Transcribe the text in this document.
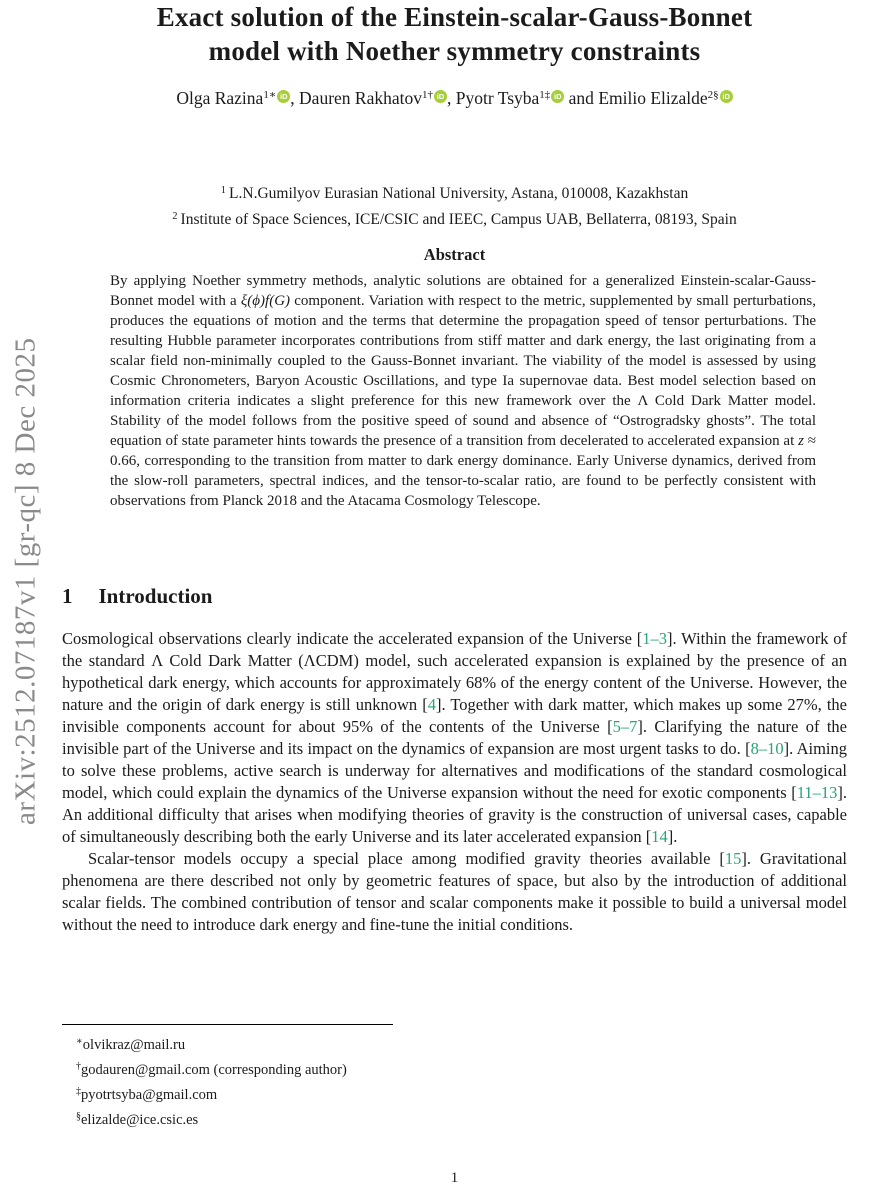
arXiv:2512.07187v1 [gr-qc] 8 Dec 2025
Exact solution of the Einstein-scalar-Gauss-Bonnet
model with Noether symmetry constraints
Olga Razina$^{1∗}$ iD , Dauren Rakhatov$^{1\dagger}$ iD , Pyotr Tsyba$^{1\ddagger}$ iD and Emilio Elizalde$^{2\S}$ iD
$^1$ L.N.Gumilyov Eurasian National University, Astana, 010008, Kazakhstan
$^2$ Institute of Space Sciences, ICE/CSIC and IEEC, Campus UAB, Bellaterra, 08193, Spain
Abstract
By applying Noether symmetry methods, analytic solutions are obtained for a generalized Einstein-scalar-Gauss-Bonnet model with a ξ(ϕ)f(G) component. Variation with respect to the metric, supplemented by small perturbations, produces the equations of motion and the terms that determine the propagation speed of tensor perturbations. The resulting Hubble parameter incorporates contributions from stiff matter and dark energy, the last originating from a scalar field non-minimally coupled to the Gauss-Bonnet invariant. The viability of the model is assessed by using Cosmic Chronometers, Baryon Acoustic Oscillations, and type Ia supernovae data. Best model selection based on information criteria indicates a slight preference for this new framework over the Λ Cold Dark Matter model. Stability of the model follows from the positive speed of sound and absence of “Ostrogradsky ghosts”. The total equation of state parameter hints towards the presence of a transition from decelerated to accelerated expansion at z ≈ 0.66, corresponding to the transition from matter to dark energy dominance. Early Universe dynamics, derived from the slow-roll parameters, spectral indices, and the tensor-to-scalar ratio, are found to be perfectly consistent with observations from Planck 2018 and the Atacama Cosmology Telescope.
1 Introduction

Cosmological observations clearly indicate the accelerated expansion of the Universe [1–3]. Within the framework of the standard Λ Cold Dark Matter (ΛCDM) model, such accelerated expansion is explained by the presence of an hypothetical dark energy, which accounts for approximately 68% of the energy content of the Universe. However, the nature and the origin of dark energy is still unknown [4]. Together with dark matter, which makes up some 27%, the invisible components account for about 95% of the contents of the Universe [5–7]. Clarifying the nature of the invisible part of the Universe and its impact on the dynamics of expansion are most urgent tasks to do. [8–10]. Aiming to solve these problems, active search is underway for alternatives and modifications of the standard cosmological model, which could explain the dynamics of the Universe expansion without the need for exotic components [11–13]. An additional difficulty that arises when modifying theories of gravity is the construction of universal cases, capable of simultaneously describing both the early Universe and its later accelerated expansion [14].

Scalar-tensor models occupy a special place among modified gravity theories available [15]. Gravitational phenomena are there described not only by geometric features of space, but also by the introduction of additional scalar fields. The combined contribution of tensor and scalar components make it possible to build a universal model without the need to introduce dark energy and fine-tune the initial conditions.

∗olvikraz@mail.ru
†godauren@gmail.com (corresponding author)
‡pyotrtsyba@gmail.com
§elizalde@ice.csic.es
1
